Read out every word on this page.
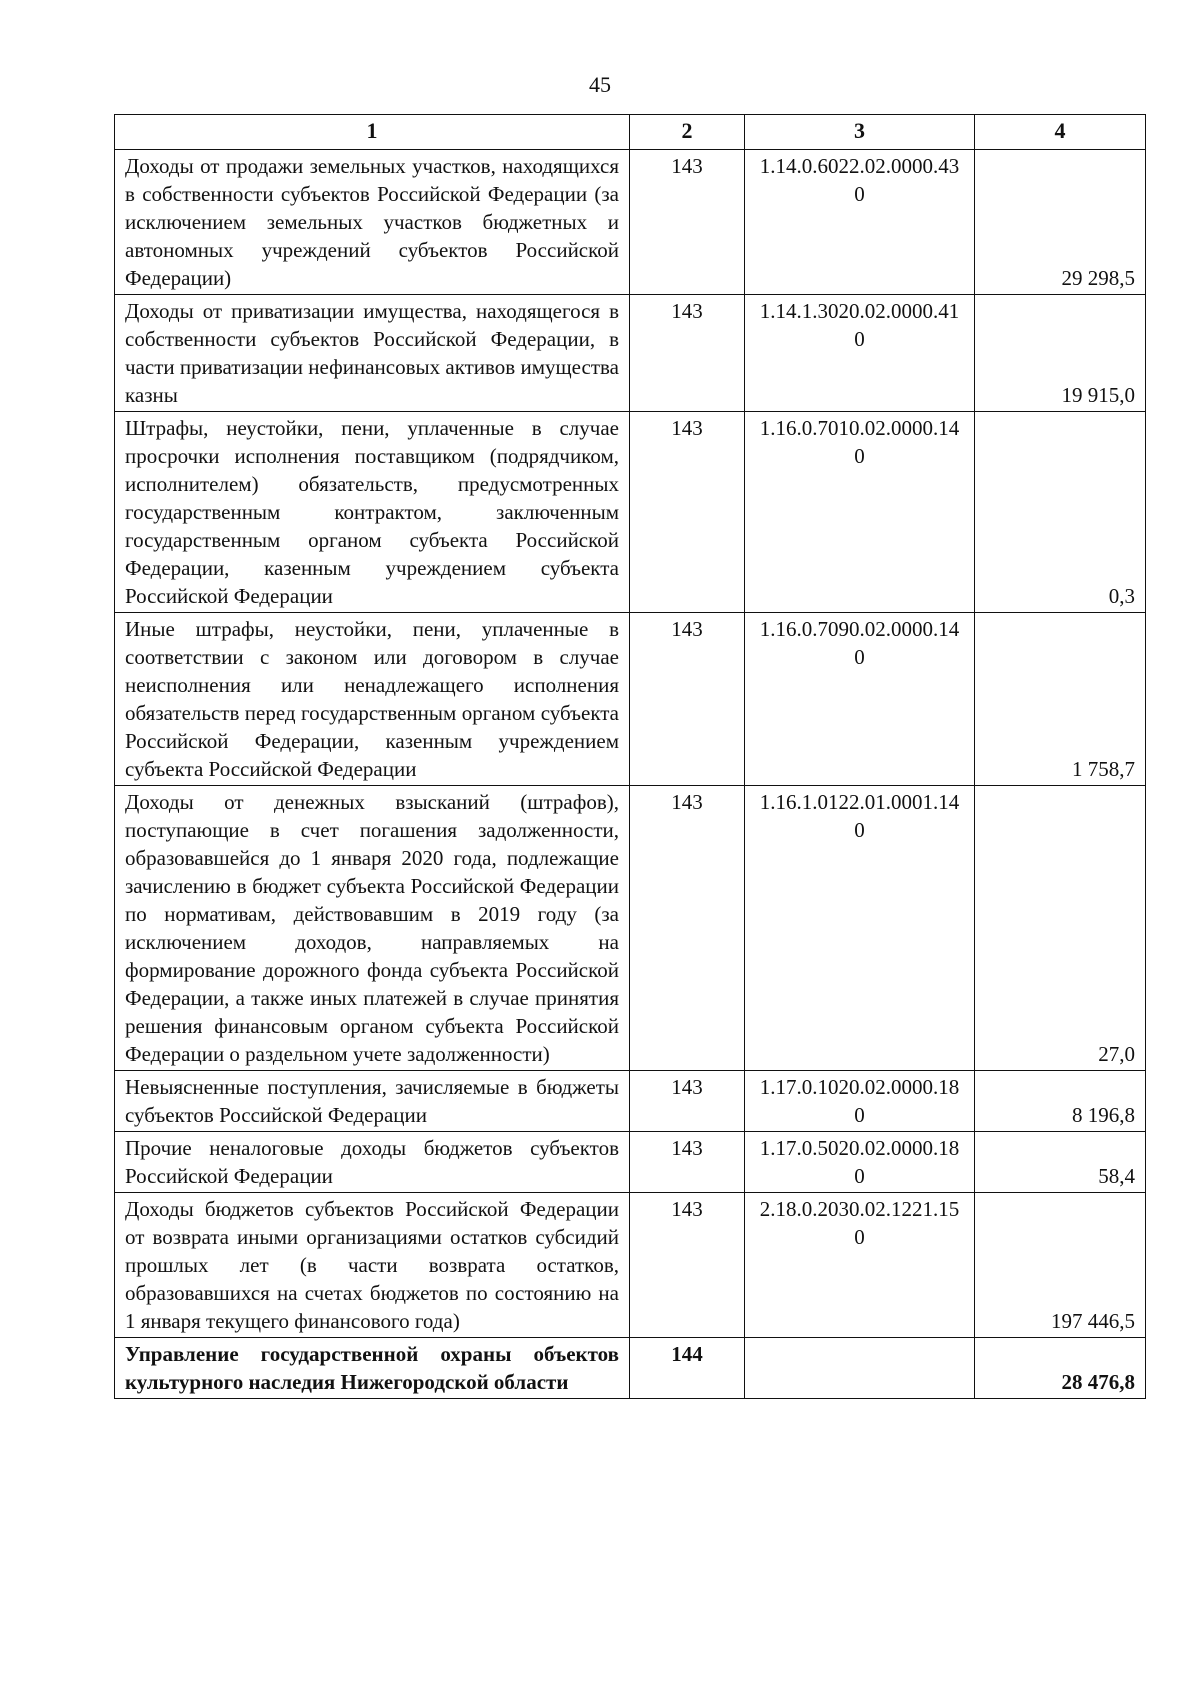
45
1	2	3	4
Доходы от продажи земельных участков, находящихся в собственности субъектов Российской Федерации (за исключением земельных участков бюджетных и автономных учреждений субъектов Российской Федерации)	143	1.14.0.6022.02.0000.430	29 298,5
Доходы от приватизации имущества, находящегося в собственности субъектов Российской Федерации, в части приватизации нефинансовых активов имущества казны	143	1.14.1.3020.02.0000.410	19 915,0
Штрафы, неустойки, пени, уплаченные в случае просрочки исполнения поставщиком (подрядчиком, исполнителем) обязательств, предусмотренных государственным контрактом, заключенным государственным органом субъекта Российской Федерации, казенным учреждением субъекта Российской Федерации	143	1.16.0.7010.02.0000.140	0,3
Иные штрафы, неустойки, пени, уплаченные в соответствии с законом или договором в случае неисполнения или ненадлежащего исполнения обязательств перед государственным органом субъекта Российской Федерации, казенным учреждением субъекта Российской Федерации	143	1.16.0.7090.02.0000.140	1 758,7
Доходы от денежных взысканий (штрафов), поступающие в счет погашения задолженности, образовавшейся до 1 января 2020 года, подлежащие зачислению в бюджет субъекта Российской Федерации по нормативам, действовавшим в 2019 году (за исключением доходов, направляемых на формирование дорожного фонда субъекта Российской Федерации, а также иных платежей в случае принятия решения финансовым органом субъекта Российской Федерации о раздельном учете задолженности)	143	1.16.1.0122.01.0001.140	27,0
Невыясненные поступления, зачисляемые в бюджеты субъектов Российской Федерации	143	1.17.0.1020.02.0000.180	8 196,8
Прочие неналоговые доходы бюджетов субъектов Российской Федерации	143	1.17.0.5020.02.0000.180	58,4
Доходы бюджетов субъектов Российской Федерации от возврата иными организациями остатков субсидий прошлых лет (в части возврата остатков, образовавшихся на счетах бюджетов по состоянию на 1 января текущего финансового года)	143	2.18.0.2030.02.1221.150	197 446,5
Управление государственной охраны объектов культурного наследия Нижегородской области	144		28 476,8
